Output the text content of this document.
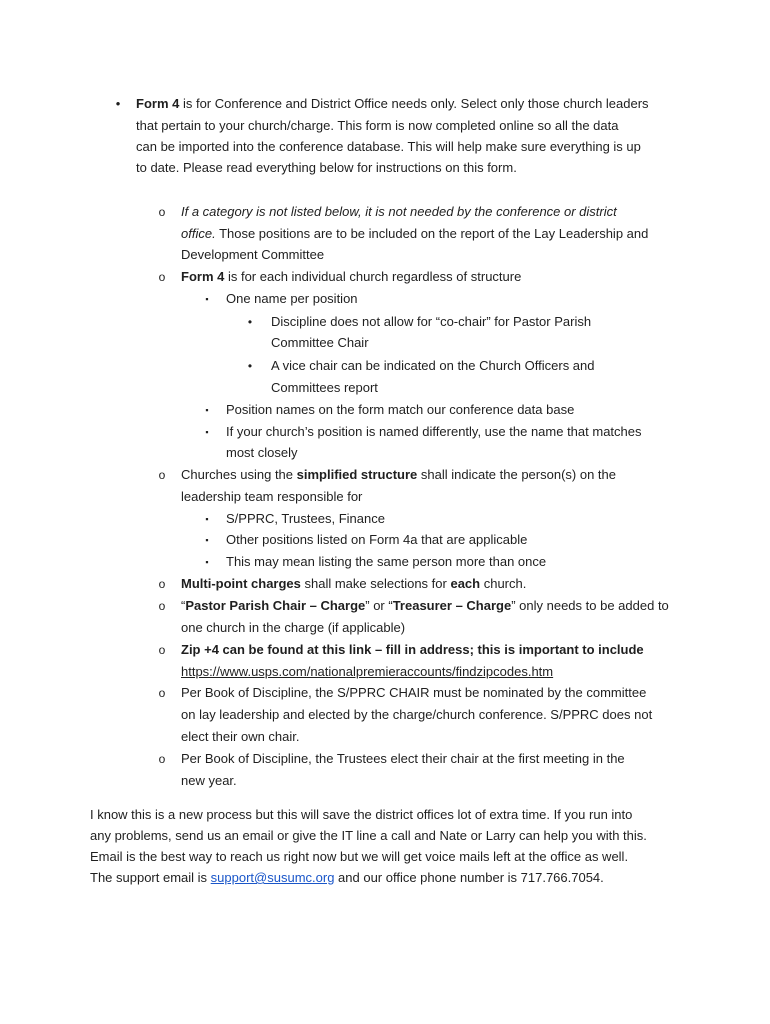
•	Form 4 is for Conference and District Office needs only. Select only those church leaders
that pertain to your church/charge. This form is now completed online so all the data
can be imported into the conference database. This will help make sure everything is up
to date. Please read everything below for instructions on this form.
o If a category is not listed below, it is not needed by the conference or district
office. Those positions are to be included on the report of the Lay Leadership and
Development Committee
o Form 4 is for each individual church regardless of structure
▪	One name per position
•	Discipline does not allow for “co-chair” for Pastor Parish
Committee Chair
•	A vice chair can be indicated on the Church Officers and
Committees report
▪	Position names on the form match our conference data base
▪	If your church’s position is named differently, use the name that matches
most closely
o Churches using the simplified structure shall indicate the person(s) on the
leadership team responsible for
▪	S/PPRC, Trustees, Finance
▪	Other positions listed on Form 4a that are applicable
▪	This may mean listing the same person more than once
o Multi-point charges shall make selections for each church.
o “Pastor Parish Chair – Charge” or “Treasurer – Charge” only needs to be added to
one church in the charge (if applicable)
o Zip +4 can be found at this link – fill in address; this is important to include
https://www.usps.com/nationalpremieraccounts/findzipcodes.htm
o Per Book of Discipline, the S/PPRC CHAIR must be nominated by the committee
on lay leadership and elected by the charge/church conference. S/PPRC does not
elect their own chair.
o Per Book of Discipline, the Trustees elect their chair at the first meeting in the
new year.
I know this is a new process but this will save the district offices lot of extra time. If you run into
any problems, send us an email or give the IT line a call and Nate or Larry can help you with this.
Email is the best way to reach us right now but we will get voice mails left at the office as well.
The support email is support@susumc.org and our office phone number is 717.766.7054.
